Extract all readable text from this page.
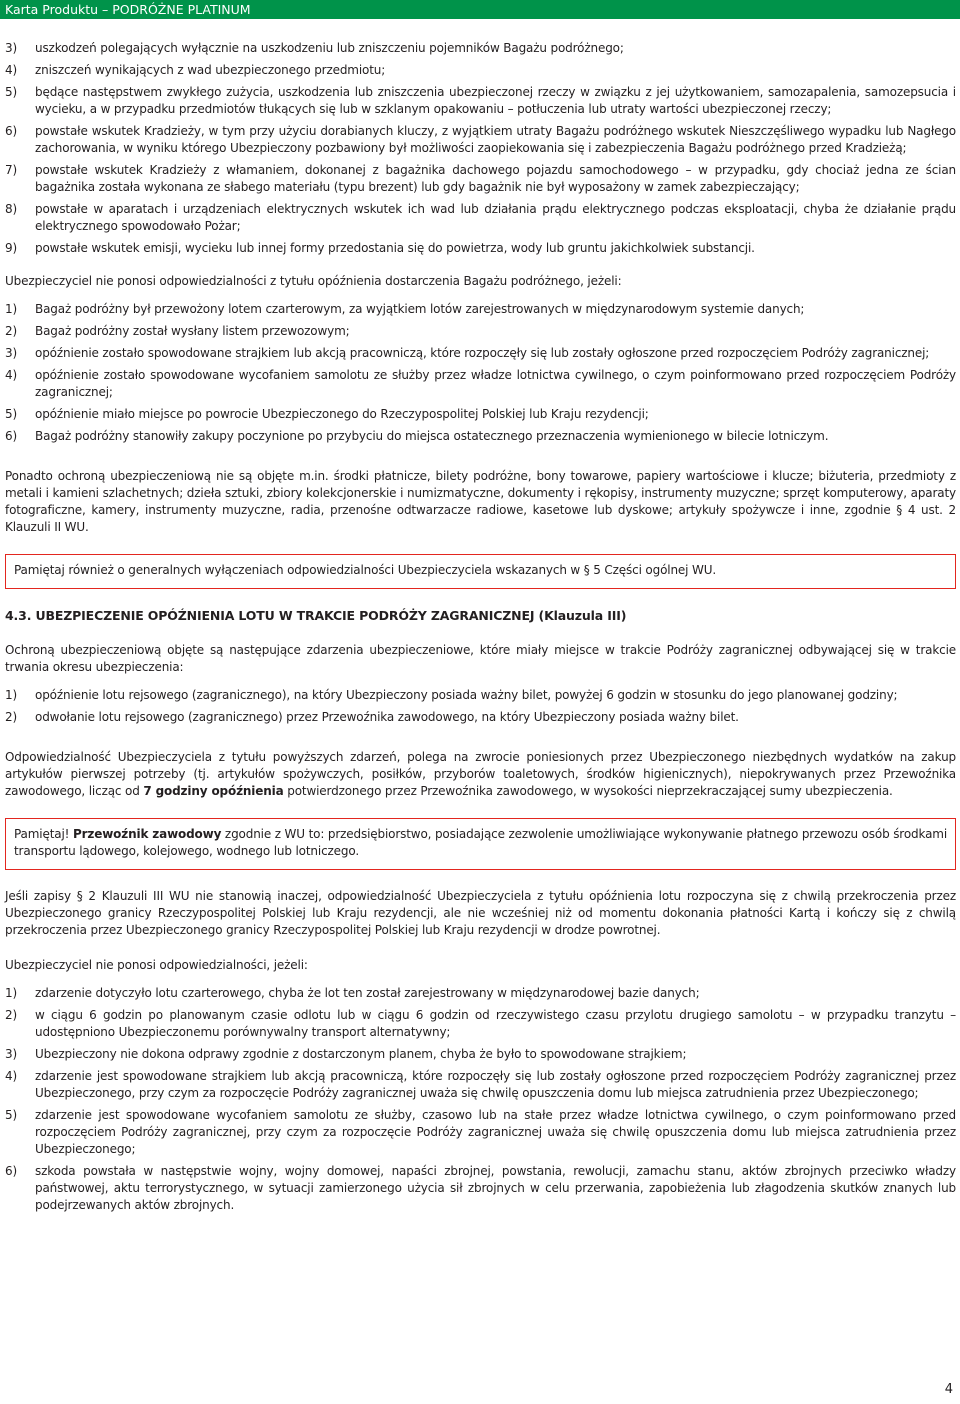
Karta Produktu – PODRÓŻNE PLATINUM
3)	uszkodzeń polegających wyłącznie na uszkodzeniu lub zniszczeniu pojemników Bagażu podróżnego;
4)	zniszczeń wynikających z wad ubezpieczonego przedmiotu;
5)	będące następstwem zwykłego zużycia, uszkodzenia lub zniszczenia ubezpieczonej rzeczy w związku z jej użytkowaniem, samozapalenia, samozepsucia i wycieku, a w przypadku przedmiotów tłukących się lub w szklanym opakowaniu – potłuczenia lub utraty wartości ubezpieczonej rzeczy;
6)	powstałe wskutek Kradzieży, w tym przy użyciu dorabianych kluczy, z wyjątkiem utraty Bagażu podróżnego wskutek Nieszczęśliwego wypadku lub Nagłego zachorowania, w wyniku którego Ubezpieczony pozbawiony był możliwości zaopiekowania się i zabezpieczenia Bagażu podróżnego przed Kradzieżą;
7)	powstałe wskutek Kradzieży z włamaniem, dokonanej z bagażnika dachowego pojazdu samochodowego – w przypadku, gdy chociaż jedna ze ścian bagażnika została wykonana ze słabego materiału (typu brezent) lub gdy bagażnik nie był wyposażony w zamek zabezpieczający;
8)	powstałe w aparatach i urządzeniach elektrycznych wskutek ich wad lub działania prądu elektrycznego podczas eksploatacji, chyba że działanie prądu elektrycznego spowodowało Pożar;
9)	powstałe wskutek emisji, wycieku lub innej formy przedostania się do powietrza, wody lub gruntu jakichkolwiek substancji.

Ubezpieczyciel nie ponosi odpowiedzialności z tytułu opóźnienia dostarczenia Bagażu podróżnego, jeżeli:

1)	Bagaż podróżny był przewożony lotem czarterowym, za wyjątkiem lotów zarejestrowanych w międzynarodowym systemie danych;
2)	Bagaż podróżny został wysłany listem przewozowym;
3)	opóźnienie zostało spowodowane strajkiem lub akcją pracowniczą, które rozpoczęły się lub zostały ogłoszone przed rozpoczęciem Podróży zagranicznej;
4)	opóźnienie zostało spowodowane wycofaniem samolotu ze służby przez władze lotnictwa cywilnego, o czym poinformowano przed rozpoczęciem Podróży zagranicznej;
5)	opóźnienie miało miejsce po powrocie Ubezpieczonego do Rzeczypospolitej Polskiej lub Kraju rezydencji;
6)	Bagaż podróżny stanowiły zakupy poczynione po przybyciu do miejsca ostatecznego przeznaczenia wymienionego w bilecie lotniczym.

Ponadto ochroną ubezpieczeniową nie są objęte m.in. środki płatnicze, bilety podróżne, bony towarowe, papiery wartościowe i klucze; biżuteria, przedmioty z metali i kamieni szlachetnych; dzieła sztuki, zbiory kolekcjonerskie i numizmatyczne, dokumenty i rękopisy, instrumenty muzyczne; sprzęt komputerowy, aparaty fotograficzne, kamery, instrumenty muzyczne, radia, przenośne odtwarzacze radiowe, kasetowe lub dyskowe; artykuły spożywcze i inne, zgodnie § 4 ust. 2 Klauzuli II WU.

Pamiętaj również o generalnych wyłączeniach odpowiedzialności Ubezpieczyciela wskazanych w § 5 Części ogólnej WU.

4.3. UBEZPIECZENIE OPÓŹNIENIA LOTU W TRAKCIE PODRÓŻY ZAGRANICZNEJ (Klauzula III)

Ochroną ubezpieczeniową objęte są następujące zdarzenia ubezpieczeniowe, które miały miejsce w trakcie Podróży zagranicznej odbywającej się w trakcie trwania okresu ubezpieczenia:

1)	opóźnienie lotu rejsowego (zagranicznego), na który Ubezpieczony posiada ważny bilet, powyżej 6 godzin w stosunku do jego planowanej godziny;
2)	odwołanie lotu rejsowego (zagranicznego) przez Przewoźnika zawodowego, na który Ubezpieczony posiada ważny bilet.

Odpowiedzialność Ubezpieczyciela z tytułu powyższych zdarzeń, polega na zwrocie poniesionych przez Ubezpieczonego niezbędnych wydatków na zakup artykułów pierwszej potrzeby (tj. artykułów spożywczych, posiłków, przyborów toaletowych, środków higienicznych), niepokrywanych przez Przewoźnika zawodowego, licząc od 7 godziny opóźnienia potwierdzonego przez Przewoźnika zawodowego, w wysokości nieprzekraczającej sumy ubezpieczenia.

Pamiętaj! Przewoźnik zawodowy zgodnie z WU to: przedsiębiorstwo, posiadające zezwolenie umożliwiające wykonywanie płatnego przewozu osób środkami transportu lądowego, kolejowego, wodnego lub lotniczego.

Jeśli zapisy § 2 Klauzuli III WU nie stanowią inaczej, odpowiedzialność Ubezpieczyciela z tytułu opóźnienia lotu rozpoczyna się z chwilą przekroczenia przez Ubezpieczonego granicy Rzeczypospolitej Polskiej lub Kraju rezydencji, ale nie wcześniej niż od momentu dokonania płatności Kartą i kończy się z chwilą przekroczenia przez Ubezpieczonego granicy Rzeczypospolitej Polskiej lub Kraju rezydencji w drodze powrotnej.

Ubezpieczyciel nie ponosi odpowiedzialności, jeżeli:

1)	zdarzenie dotyczyło lotu czarterowego, chyba że lot ten został zarejestrowany w międzynarodowej bazie danych;
2)	w ciągu 6 godzin po planowanym czasie odlotu lub w ciągu 6 godzin od rzeczywistego czasu przylotu drugiego samolotu – w przypadku tranzytu – udostępniono Ubezpieczonemu porównywalny transport alternatywny;
3)	Ubezpieczony nie dokona odprawy zgodnie z dostarczonym planem, chyba że było to spowodowane strajkiem;
4)	zdarzenie jest spowodowane strajkiem lub akcją pracowniczą, które rozpoczęły się lub zostały ogłoszone przed rozpoczęciem Podróży zagranicznej przez Ubezpieczonego, przy czym za rozpoczęcie Podróży zagranicznej uważa się chwilę opuszczenia domu lub miejsca zatrudnienia przez Ubezpieczonego;
5)	zdarzenie jest spowodowane wycofaniem samolotu ze służby, czasowo lub na stałe przez władze lotnictwa cywilnego, o czym poinformowano przed rozpoczęciem Podróży zagranicznej, przy czym za rozpoczęcie Podróży zagranicznej uważa się chwilę opuszczenia domu lub miejsca zatrudnienia przez Ubezpieczonego;
6)	szkoda powstała w następstwie wojny, wojny domowej, napaści zbrojnej, powstania, rewolucji, zamachu stanu, aktów zbrojnych przeciwko władzy państwowej, aktu terrorystycznego, w sytuacji zamierzonego użycia sił zbrojnych w celu przerwania, zapobieżenia lub złagodzenia skutków znanych lub podejrzewanych aktów zbrojnych.
4
